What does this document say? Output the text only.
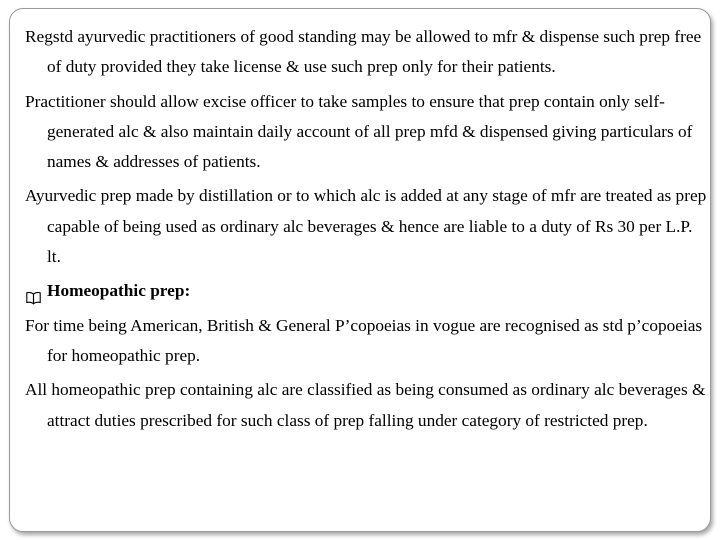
Regstd ayurvedic practitioners of good standing may be allowed to mfr & dispense such prep free of duty provided they take license & use such prep only for their patients.

Practitioner should allow excise officer to take samples to ensure that prep contain only self-generated alc & also maintain daily account of all prep mfd & dispensed giving particulars of names & addresses of patients.

Ayurvedic prep made by distillation or to which alc is added at any stage of mfr are treated as prep capable of being used as ordinary alc beverages & hence are liable to a duty of Rs 30 per L.P. lt.

Homeopathic prep:

For time being American, British & General P’copoeias in vogue are recognised as std p’copoeias for homeopathic prep.

All homeopathic prep containing alc are classified as being consumed as ordinary alc beverages & attract duties prescribed for such class of prep falling under category of restricted prep.
